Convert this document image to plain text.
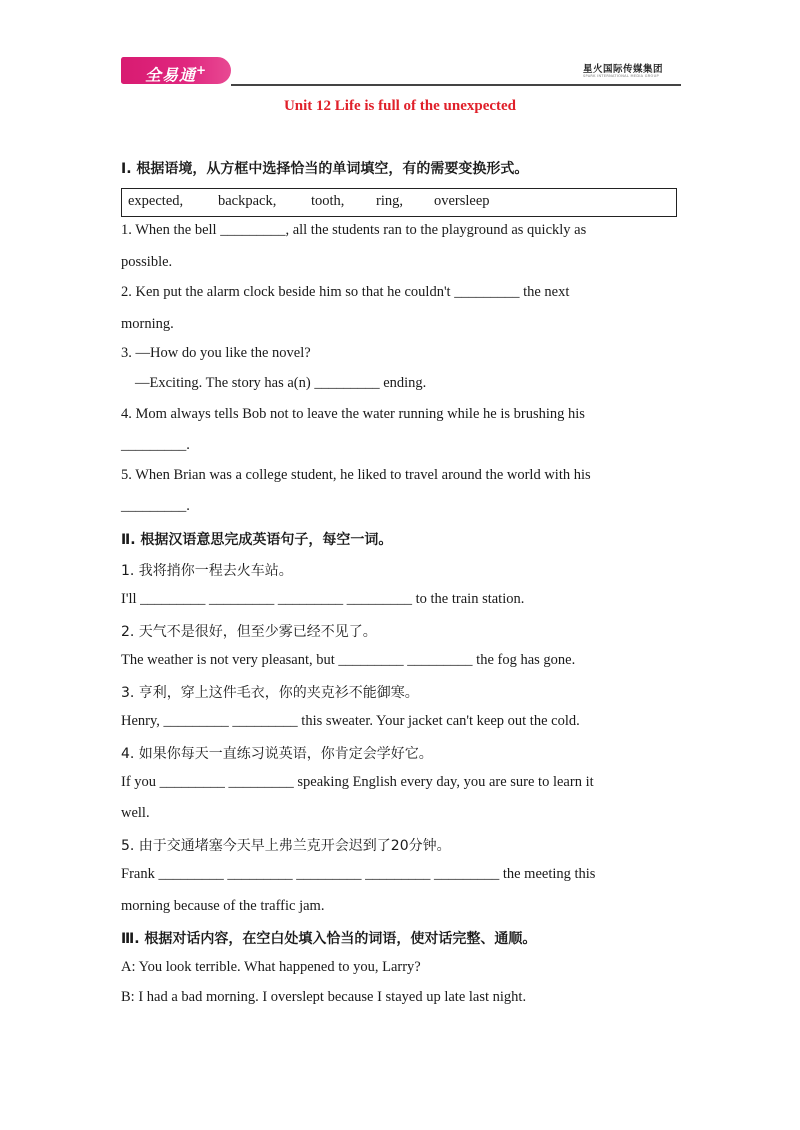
全易通+	星火国际传媒集团
SPARK INTERNATIONAL MEDIA GROUP
Unit 12 Life is full of the unexpected
Ⅰ. 根据语境，从方框中选择恰当的单词填空，有的需要变换形式。
expected, backpack, tooth, ring, oversleep
1. When the bell _________, all the students ran to the playground as quickly as
possible.
2. Ken put the alarm clock beside him so that he couldn't _________ the next
morning.
3. —How do you like the novel?
—Exciting. The story has a(n) _________ ending.
4. Mom always tells Bob not to leave the water running while he is brushing his
_________.
5. When Brian was a college student, he liked to travel around the world with his
_________.
Ⅱ. 根据汉语意思完成英语句子，每空一词。
1. 我将捎你一程去火车站。
I'll _________ _________ _________ _________ to the train station.
2. 天气不是很好，但至少雾已经不见了。
The weather is not very pleasant, but _________ _________ the fog has gone.
3. 亨利，穿上这件毛衣，你的夹克衫不能御寒。
Henry, _________ _________ this sweater. Your jacket can't keep out the cold.
4. 如果你每天一直练习说英语，你肯定会学好它。
If you _________ _________ speaking English every day, you are sure to learn it
well.
5. 由于交通堵塞今天早上弗兰克开会迟到了20分钟。
Frank _________ _________ _________ _________ _________ the meeting this
morning because of the traffic jam.
Ⅲ. 根据对话内容，在空白处填入恰当的词语，使对话完整、通顺。
A: You look terrible. What happened to you, Larry?
B: I had a bad morning. I overslept because I stayed up late last night.
